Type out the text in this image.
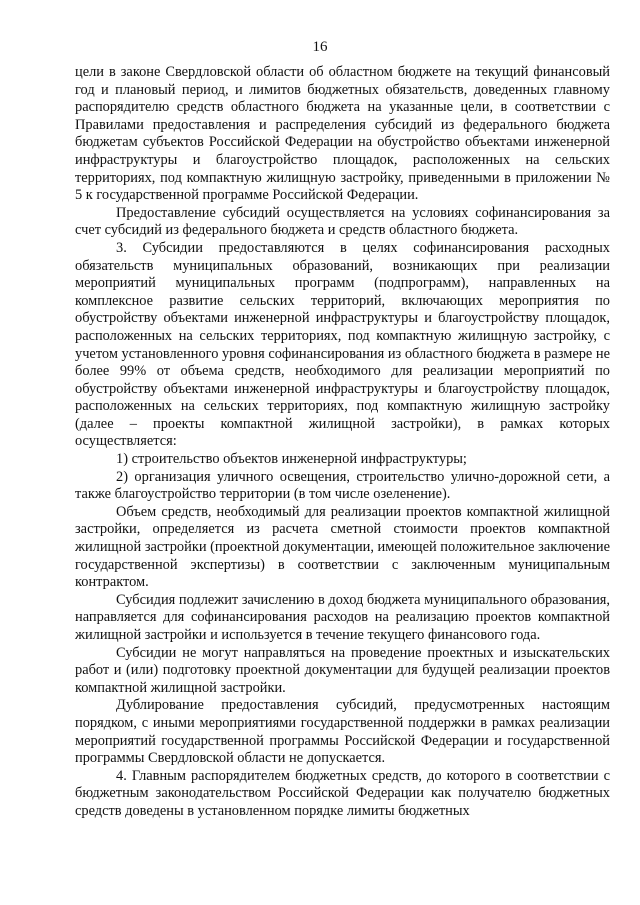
16

цели в законе Свердловской области об областном бюджете на текущий финансовый год и плановый период, и лимитов бюджетных обязательств, доведенных главному распорядителю средств областного бюджета на указанные цели, в соответствии с Правилами предоставления и распределения субсидий из федерального бюджета бюджетам субъектов Российской Федерации на обустройство объектами инженерной инфраструктуры и благоустройство площадок, расположенных на сельских территориях, под компактную жилищную застройку, приведенными в приложении № 5 к государственной программе Российской Федерации.

Предоставление субсидий осуществляется на условиях софинансирования за счет субсидий из федерального бюджета и средств областного бюджета.

3. Субсидии предоставляются в целях софинансирования расходных обязательств муниципальных образований, возникающих при реализации мероприятий муниципальных программ (подпрограмм), направленных на комплексное развитие сельских территорий, включающих мероприятия по обустройству объектами инженерной инфраструктуры и благоустройству площадок, расположенных на сельских территориях, под компактную жилищную застройку, с учетом установленного уровня софинансирования из областного бюджета в размере не более 99% от объема средств, необходимого для реализации мероприятий по обустройству объектами инженерной инфраструктуры и благоустройству площадок, расположенных на сельских территориях, под компактную жилищную застройку (далее – проекты компактной жилищной застройки), в рамках которых осуществляется:

1) строительство объектов инженерной инфраструктуры;

2) организация уличного освещения, строительство улично-дорожной сети, а также благоустройство территории (в том числе озеленение).

Объем средств, необходимый для реализации проектов компактной жилищной застройки, определяется из расчета сметной стоимости проектов компактной жилищной застройки (проектной документации, имеющей положительное заключение государственной экспертизы) в соответствии с заключенным муниципальным контрактом.

Субсидия подлежит зачислению в доход бюджета муниципального образования, направляется для софинансирования расходов на реализацию проектов компактной жилищной застройки и используется в течение текущего финансового года.

Субсидии не могут направляться на проведение проектных и изыскательских работ и (или) подготовку проектной документации для будущей реализации проектов компактной жилищной застройки.

Дублирование предоставления субсидий, предусмотренных настоящим порядком, с иными мероприятиями государственной поддержки в рамках реализации мероприятий государственной программы Российской Федерации и государственной программы Свердловской области не допускается.

4. Главным распорядителем бюджетных средств, до которого в соответствии с бюджетным законодательством Российской Федерации как получателю бюджетных средств доведены в установленном порядке лимиты бюджетных
